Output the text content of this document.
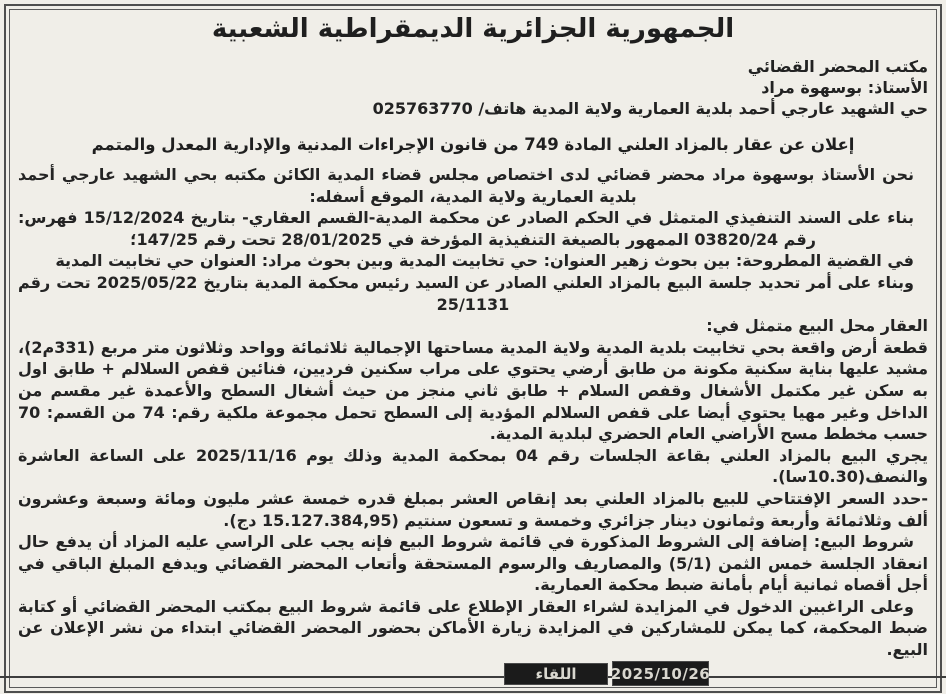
الجمهورية الجزائرية الديمقراطية الشعبية
مكتب المحضر القضائي
الأستاذ: بوسهوة مراد
حي الشهيد عارجي أحمد بلدية العمارية ولاية المدية هاتف/ 025763770
إعلان عن عقار بالمزاد العلني المادة 749 من قانون الإجراءات المدنية والإدارية المعدل والمتمم

نحن الأستاذ بوسهوة مراد محضر قضائي لدى اختصاص مجلس قضاء المدية الكائن مكتبه بحي الشهيد عارجي أحمد بلدية العمارية ولاية المدية، الموقع أسفله:

بناء على السند التنفيذي المتمثل في الحكم الصادر عن محكمة المدية-القسم العقاري- بتاريخ 15/12/2024 فهرس: رقم 03820/24 الممهور بالصيغة التنفيذية المؤرخة في 28/01/2025 تحت رقم 147/25؛

في القضية المطروحة: بين بحوث زهير العنوان: حي تخابيت المدية وبين بحوث مراد: العنوان حي تخابيت المدية

وبناء على أمر تحديد جلسة البيع بالمزاد العلني الصادر عن السيد رئيس محكمة المدية بتاريخ 2025/05/22 تحت رقم 25/1131

العقار محل البيع متمثل في:

قطعة أرض واقعة بحي تخابيت بلدية المدية ولاية المدية مساحتها الإجمالية ثلاثمائة وواحد وثلاثون متر مربع (331م2)، مشيد عليها بناية سكنية مكونة من طابق أرضي يحتوي على مراب سكنين فرديين، فنائين قفص السلالم + طابق اول به سكن غير مكتمل الأشغال وقفص السلام + طابق ثاني منجز من حيث أشغال السطح والأعمدة غير مقسم من الداخل وغير مهيا يحتوي أيضا على قفص السلالم المؤدية إلى السطح تحمل مجموعة ملكية رقم: 74 من القسم: 70 حسب مخطط مسح الأراضي العام الحضري لبلدية المدية.

يجري البيع بالمزاد العلني بقاعة الجلسات رقم 04 بمحكمة المدية وذلك يوم 2025/11/16 على الساعة العاشرة والنصف(10.30سا).

-حدد السعر الإفتتاحي للبيع بالمزاد العلني بعد إنقاص العشر بمبلغ قدره خمسة عشر مليون ومائة وسبعة وعشرون ألف وثلاثمائة وأربعة وثمانون دينار جزائري وخمسة و تسعون سنتيم (15.127.384,95 دج).

شروط البيع: إضافة إلى الشروط المذكورة في قائمة شروط البيع فإنه يجب على الراسي عليه المزاد أن يدفع حال انعقاد الجلسة خمس الثمن (5/1) والمصاريف والرسوم المستحقة وأتعاب المحضر القضائي ويدفع المبلغ الباقي في أجل أقصاه ثمانية أيام بأمانة ضبط محكمة العمارية.

وعلى الراغبين الدخول في المزايدة لشراء العقار الإطلاع على قائمة شروط البيع بمكتب المحضر القضائي أو كتابة ضبط المحكمة، كما يمكن للمشاركين في المزايدة زيارة الأماكن بحضور المحضر القضائي ابتداء من نشر الإعلان عن البيع.

اللقاء	2025/10/26
